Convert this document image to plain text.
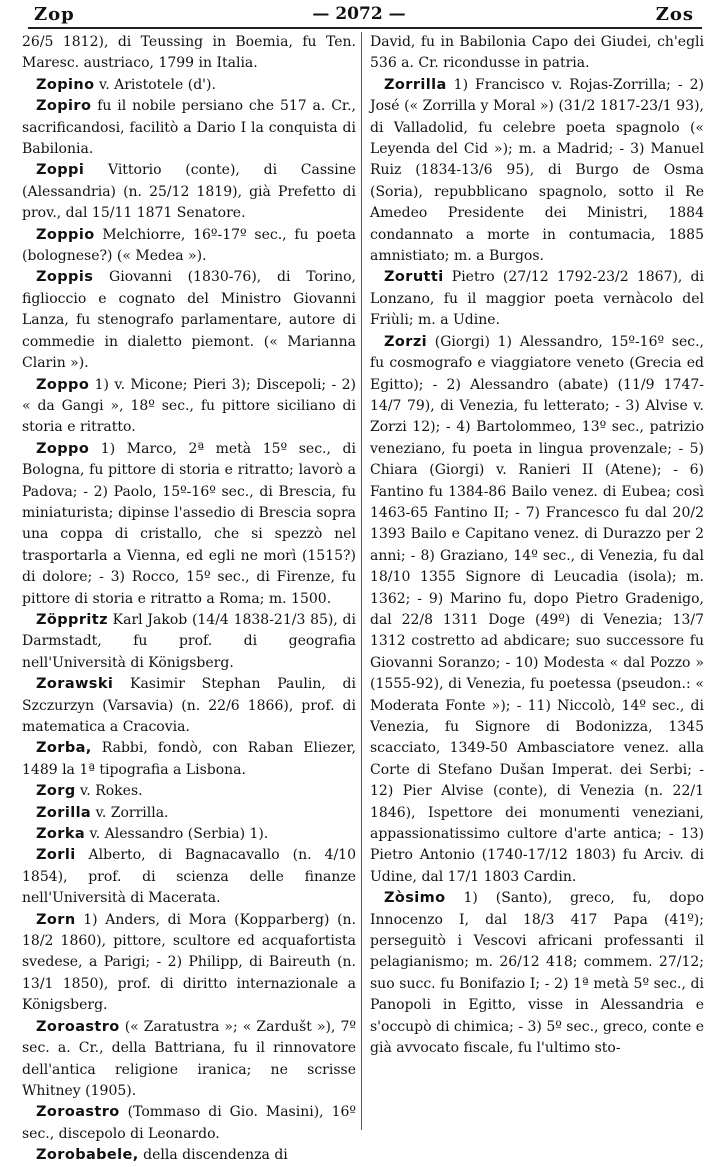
Zop	— 2072 —	Zos

26/5 1812), di Teussing in Boemia, fu Ten. Maresc. austriaco, 1799 in Italia.

Zopino v. Aristotele (d').

Zopiro fu il nobile persiano che 517 a. Cr., sacrificandosi, facilitò a Dario I la conquista di Babilonia.

Zoppi Vittorio (conte), di Cassine (Alessandria) (n. 25/12 1819), già Prefetto di prov., dal 15/11 1871 Senatore.

Zoppio Melchiorre, 16º-17º sec., fu poeta (bolognese?) (« Medea »).

Zoppis Giovanni (1830-76), di Torino, figlioccio e cognato del Ministro Giovanni Lanza, fu stenografo parlamentare, autore di commedie in dialetto piemont. (« Marianna Clarin »).

Zoppo 1) v. Micone; Pieri 3); Discepoli; - 2) « da Gangi », 18º sec., fu pittore siciliano di storia e ritratto.

Zoppo 1) Marco, 2ª metà 15º sec., di Bologna, fu pittore di storia e ritratto; lavorò a Padova; - 2) Paolo, 15º-16º sec., di Brescia, fu miniaturista; dipinse l'assedio di Brescia sopra una coppa di cristallo, che si spezzò nel trasportarla a Vienna, ed egli ne morì (1515?) di dolore; - 3) Rocco, 15º sec., di Firenze, fu pittore di storia e ritratto a Roma; m. 1500.

Zöppritz Karl Jakob (14/4 1838-21/3 85), di Darmstadt, fu prof. di geografia nell'Università di Königsberg.

Zorawski Kasimir Stephan Paulin, di Szczurzyn (Varsavia) (n. 22/6 1866), prof. di matematica a Cracovia.

Zorba, Rabbi, fondò, con Raban Eliezer, 1489 la 1ª tipografia a Lisbona.

Zorg v. Rokes.

Zorilla v. Zorrilla.

Zorka v. Alessandro (Serbia) 1).

Zorli Alberto, di Bagnacavallo (n. 4/10 1854), prof. di scienza delle finanze nell'Università di Macerata.

Zorn 1) Anders, di Mora (Kopparberg) (n. 18/2 1860), pittore, scultore ed acquafortista svedese, a Parigi; - 2) Philipp, di Baireuth (n. 13/1 1850), prof. di diritto internazionale a Königsberg.

Zoroastro (« Zaratustra »; « Zardušt »), 7º sec. a. Cr., della Battriana, fu il rinnovatore dell'antica religione iranica; ne scrisse Whitney (1905).

Zoroastro (Tommaso di Gio. Masini), 16º sec., discepolo di Leonardo.

Zorobabele, della discendenza di

David, fu in Babilonia Capo dei Giudei, ch'egli 536 a. Cr. ricondusse in patria.

Zorrilla 1) Francisco v. Rojas-Zorrilla; - 2) José (« Zorrilla y Moral ») (31/2 1817-23/1 93), di Valladolid, fu celebre poeta spagnolo (« Leyenda del Cid »); m. a Madrid; - 3) Manuel Ruiz (1834-13/6 95), di Burgo de Osma (Soria), repubblicano spagnolo, sotto il Re Amedeo Presidente dei Ministri, 1884 condannato a morte in contumacia, 1885 amnistiato; m. a Burgos.

Zorutti Pietro (27/12 1792-23/2 1867), di Lonzano, fu il maggior poeta vernàcolo del Friùli; m. a Udine.

Zorzi (Giorgi) 1) Alessandro, 15º-16º sec., fu cosmografo e viaggiatore veneto (Grecia ed Egitto); - 2) Alessandro (abate) (11/9 1747-14/7 79), di Venezia, fu letterato; - 3) Alvise v. Zorzi 12); - 4) Bartolommeo, 13º sec., patrizio veneziano, fu poeta in lingua provenzale; - 5) Chiara (Giorgi) v. Ranieri II (Atene); - 6) Fantino fu 1384-86 Bailo venez. di Eubea; così 1463-65 Fantino II; - 7) Francesco fu dal 20/2 1393 Bailo e Capitano venez. di Durazzo per 2 anni; - 8) Graziano, 14º sec., di Venezia, fu dal 18/10 1355 Signore di Leucadia (isola); m. 1362; - 9) Marino fu, dopo Pietro Gradenigo, dal 22/8 1311 Doge (49º) di Venezia; 13/7 1312 costretto ad abdicare; suo successore fu Giovanni Soranzo; - 10) Modesta « dal Pozzo » (1555-92), di Venezia, fu poetessa (pseudon.: « Moderata Fonte »); - 11) Niccolò, 14º sec., di Venezia, fu Signore di Bodonizza, 1345 scacciato, 1349-50 Ambasciatore venez. alla Corte di Stefano Dušan Imperat. dei Serbi; - 12) Pier Alvise (conte), di Venezia (n. 22/1 1846), Ispettore dei monumenti veneziani, appassionatissimo cultore d'arte antica; - 13) Pietro Antonio (1740-17/12 1803) fu Arciv. di Udine, dal 17/1 1803 Cardin.

Zòsimo 1) (Santo), greco, fu, dopo Innocenzo I, dal 18/3 417 Papa (41º); perseguitò i Vescovi africani professanti il pelagianismo; m. 26/12 418; commem. 27/12; suo succ. fu Bonifazio I; - 2) 1ª metà 5º sec., di Panopoli in Egitto, visse in Alessandria e s'occupò di chimica; - 3) 5º sec., greco, conte e già avvocato fiscale, fu l'ultimo sto-
